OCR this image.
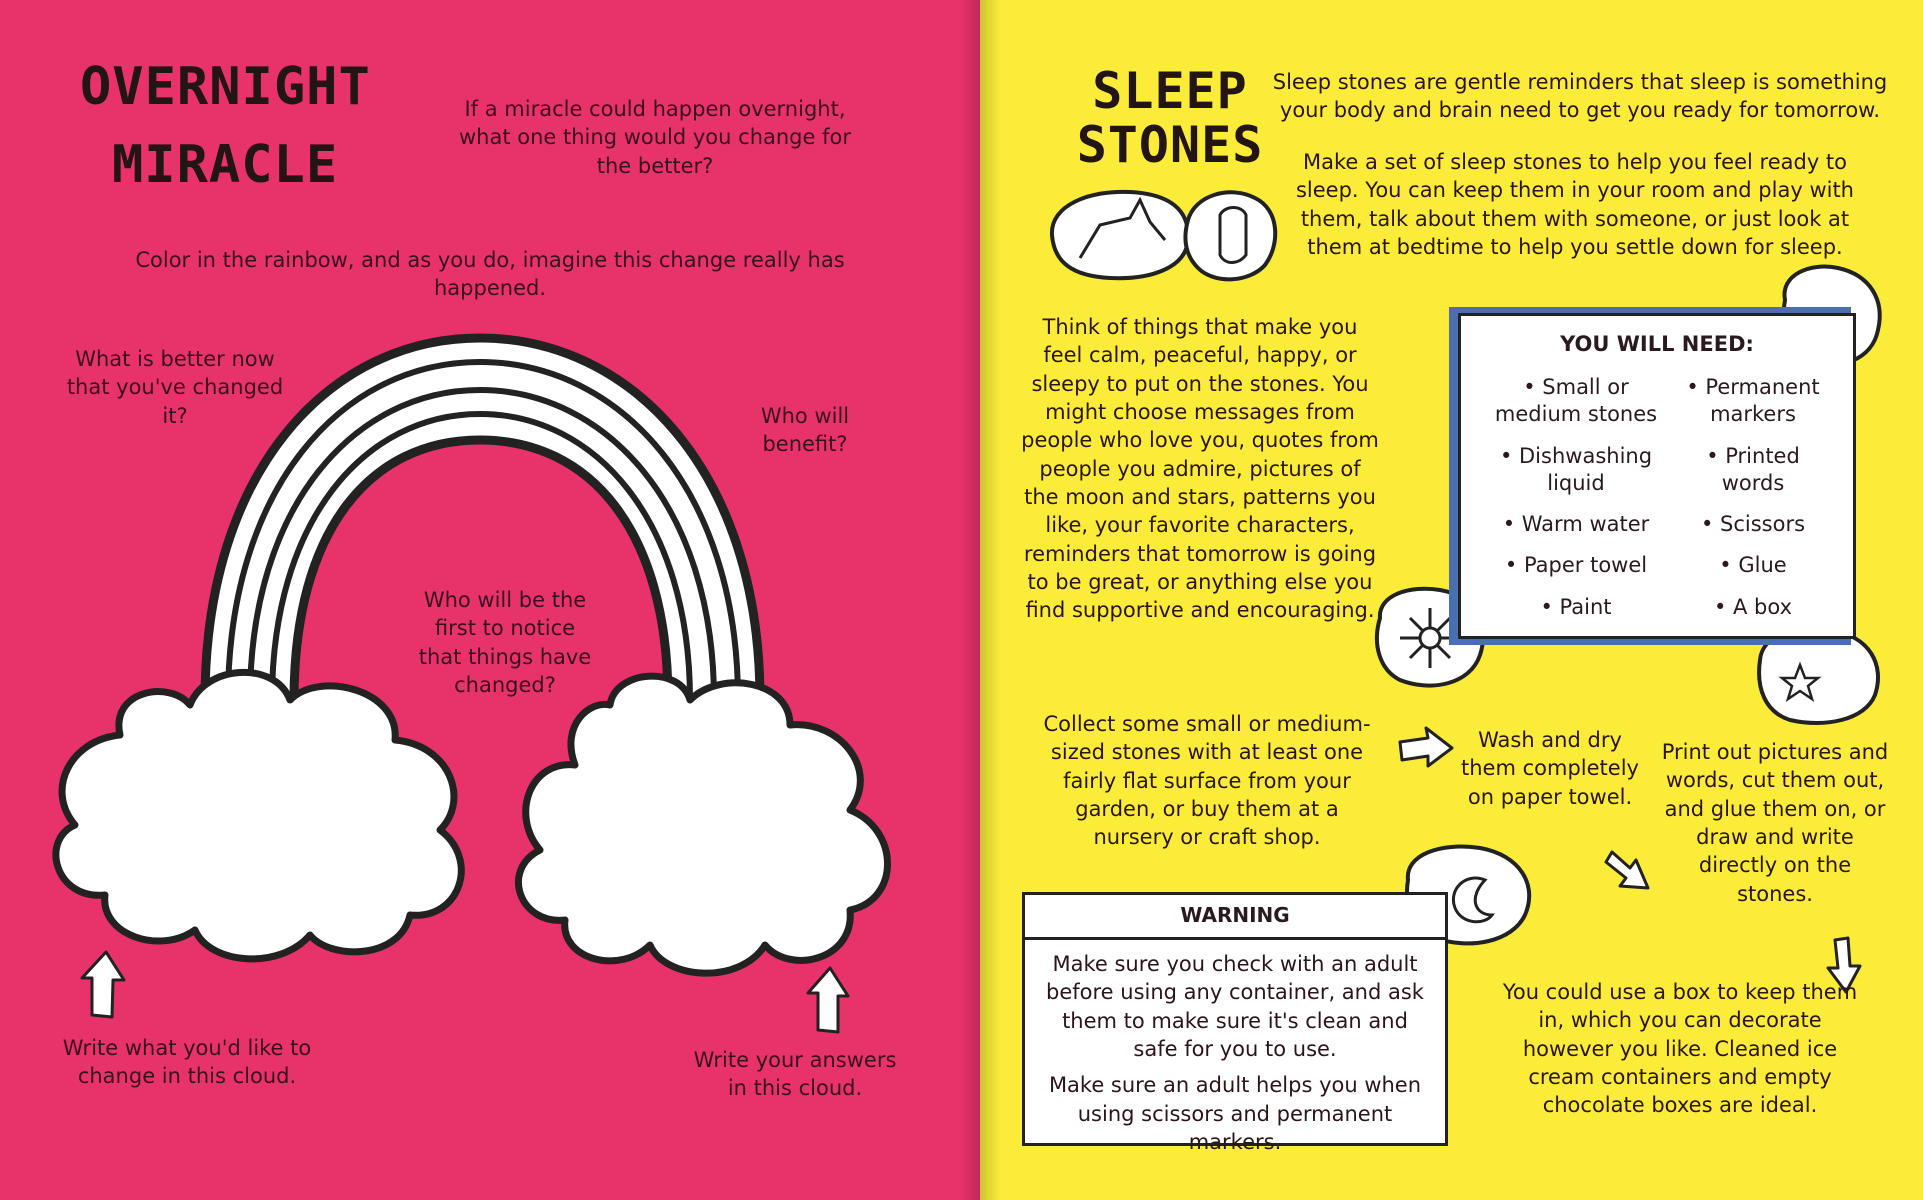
OVERNIGHT
MIRACLE
If a miracle could happen overnight, what one thing would you change for the better?
Color in the rainbow, and as you do, imagine this change really has happened.
What is better now that you've changed it?	Who will benefit?
Who will be the first to notice that things have changed?
Write what you'd like to change in this cloud.
Write your answers in this cloud.
SLEEP
STONES
Sleep stones are gentle reminders that sleep is something your body and brain need to get you ready for tomorrow.
Make a set of sleep stones to help you feel ready to sleep. You can keep them in your room and play with them, talk about them with someone, or just look at them at bedtime to help you settle down for sleep.
Think of things that make you feel calm, peaceful, happy, or sleepy to put on the stones. You might choose messages from people who love you, quotes from people you admire, pictures of the moon and stars, patterns you like, your favorite characters, reminders that tomorrow is going to be great, or anything else you find supportive and encouraging.
YOU WILL NEED:
• Small or medium stones
• Dishwashing liquid
• Warm water
• Paper towel
• Paint
• Permanent markers
• Printed words
• Scissors
• Glue
• A box
Collect some small or medium-sized stones with at least one fairly flat surface from your garden, or buy them at a nursery or craft shop.
Wash and dry them completely on paper towel.
Print out pictures and words, cut them out, and glue them on, or draw and write directly on the stones.
WARNING
Make sure you check with an adult before using any container, and ask them to make sure it's clean and safe for you to use.
Make sure an adult helps you when using scissors and permanent markers.
You could use a box to keep them in, which you can decorate however you like. Cleaned ice cream containers and empty chocolate boxes are ideal.
